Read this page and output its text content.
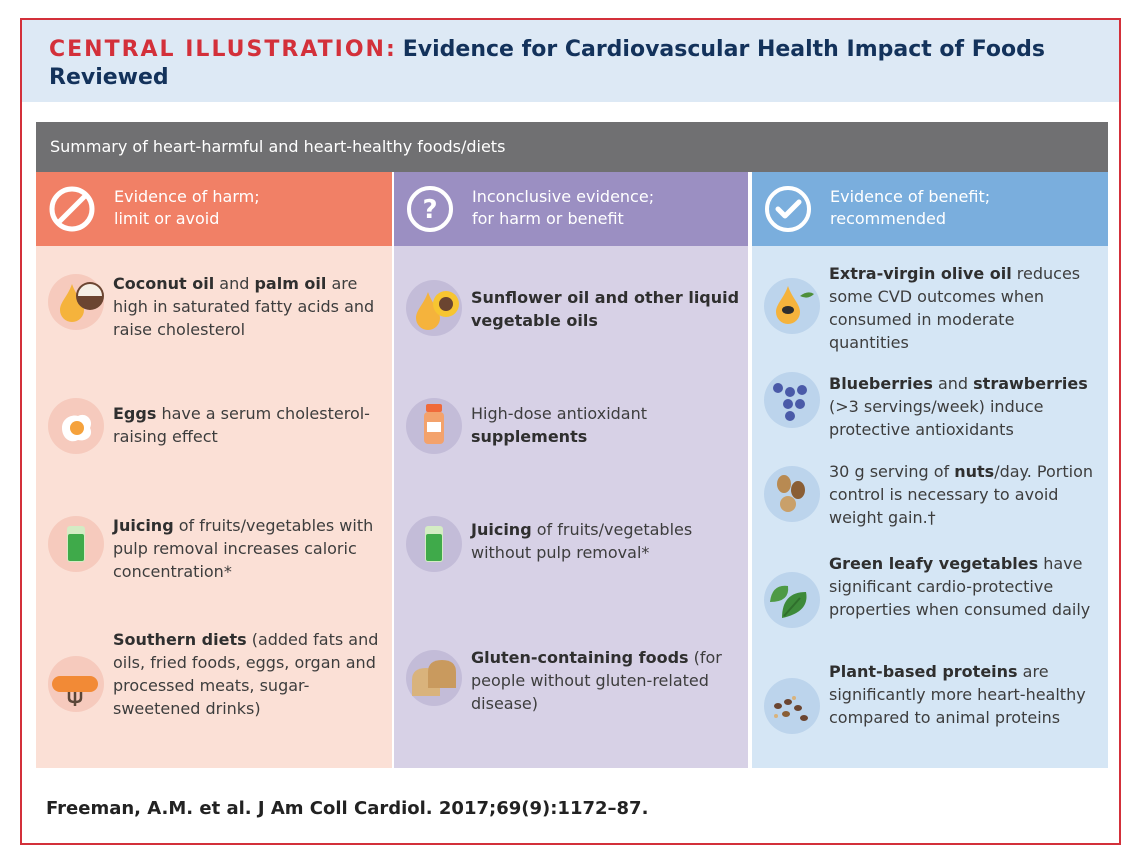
CENTRAL ILLUSTRATION: Evidence for Cardiovascular Health Impact of Foods Reviewed
Summary of heart-harmful and heart-healthy foods/diets
Evidence of harm;
limit or avoid
Coconut oil and palm oil are high in saturated fatty acids and raise cholesterol
Eggs have a serum cholesterol-raising effect
Juicing of fruits/vegetables with pulp removal increases caloric concentration*
Southern diets (added fats and oils, fried foods, eggs, organ and processed meats, sugar-sweetened drinks)
? Inconclusive evidence;
for harm or benefit
Sunflower oil and other liquid vegetable oils
High-dose antioxidant supplements
Juicing of fruits/vegetables without pulp removal*
Gluten-containing foods (for people without gluten-related disease)
Evidence of benefit;
recommended
Extra-virgin olive oil reduces some CVD outcomes when consumed in moderate quantities
Blueberries and strawberries (>3 servings/week) induce protective antioxidants
30 g serving of nuts/day. Portion control is necessary to avoid weight gain.†
Green leafy vegetables have significant cardio-protective properties when consumed daily
Plant-based proteins are significantly more heart-healthy compared to animal proteins
Freeman, A.M. et al. J Am Coll Cardiol. 2017;69(9):1172–87.
